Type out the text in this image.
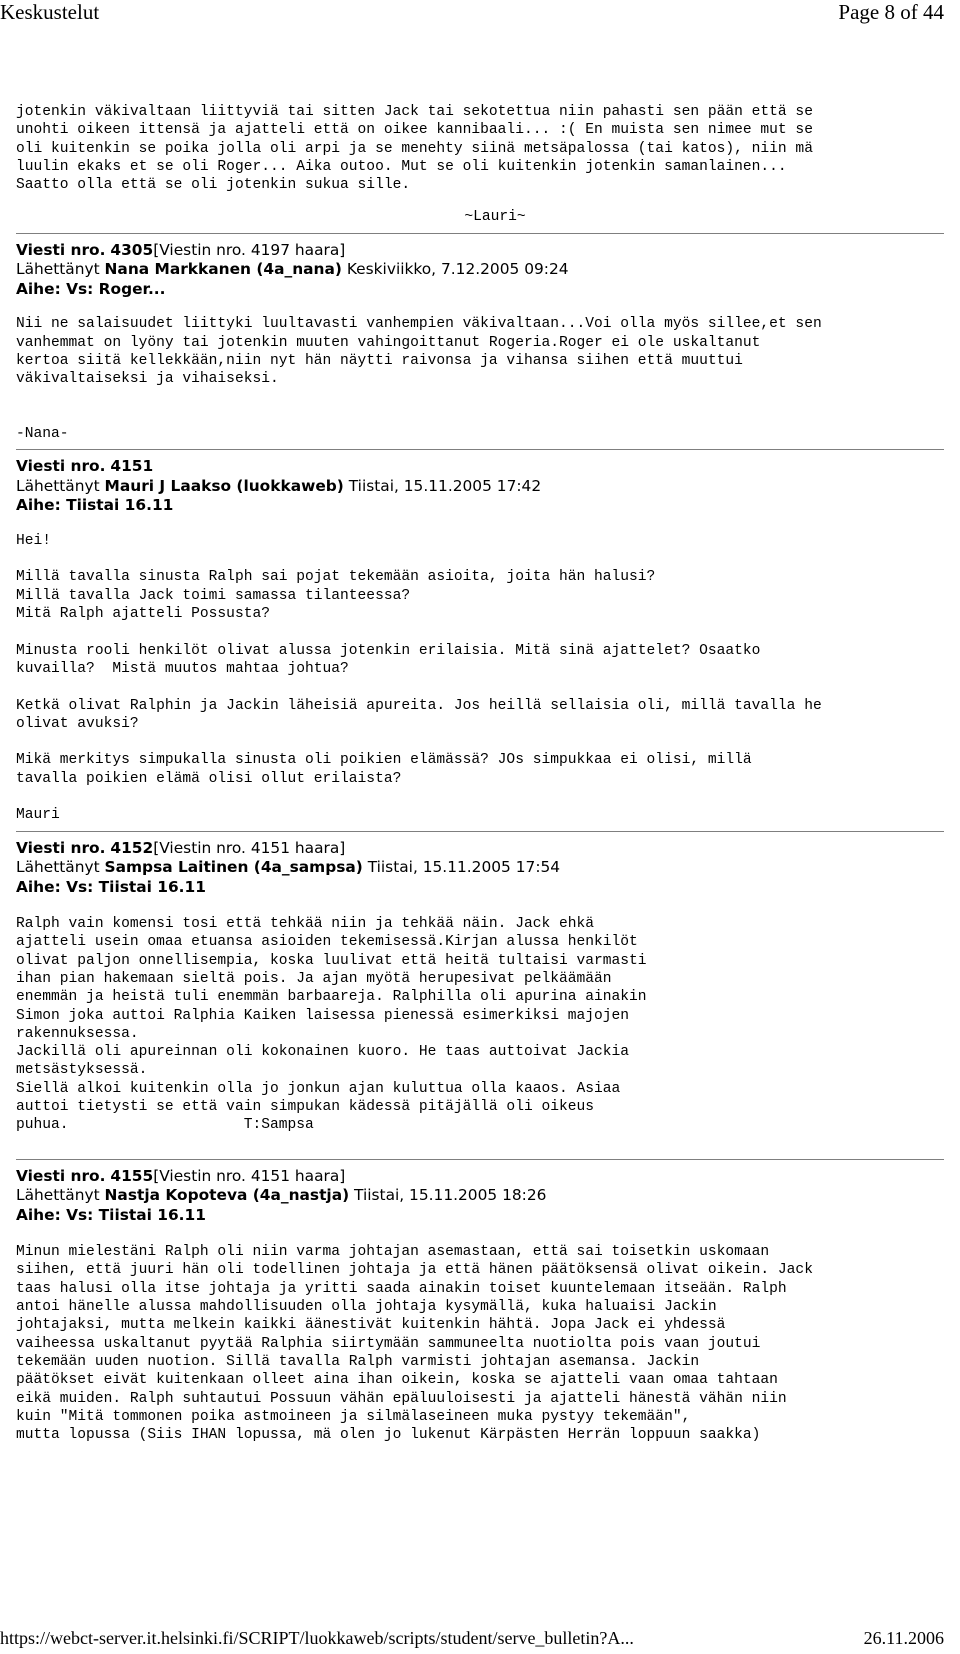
Keskustelut	Page 8 of 44

jotenkin väkivaltaan liittyviä tai sitten Jack tai sekotettua niin pahasti sen pään että se
unohti oikeen ittensä ja ajatteli että on oikee kannibaali... :( En muista sen nimee mut se
oli kuitenkin se poika jolla oli arpi ja se menehty siinä metsäpalossa (tai katos), niin mä
luulin ekaks et se oli Roger... Aika outoo. Mut se oli kuitenkin jotenkin samanlainen...
Saatto olla että se oli jotenkin sukua sille.

~Lauri~

Viesti nro. 4305[Viestin nro. 4197 haara]
Lähettänyt Nana Markkanen (4a_nana) Keskiviikko, 7.12.2005 09:24
Aihe: Vs: Roger...

Nii ne salaisuudet liittyki luultavasti vanhempien väkivaltaan...Voi olla myös sillee,et sen
vanhemmat on lyöny tai jotenkin muuten vahingoittanut Rogeria.Roger ei ole uskaltanut
kertoa siitä kellekkään,niin nyt hän näytti raivonsa ja vihansa siihen että muuttui
väkivaltaiseksi ja vihaiseksi.

-Nana-

Viesti nro. 4151
Lähettänyt Mauri J Laakso (luokkaweb) Tiistai, 15.11.2005 17:42
Aihe: Tiistai 16.11

Hei!

Millä tavalla sinusta Ralph sai pojat tekemään asioita, joita hän halusi?
Millä tavalla Jack toimi samassa tilanteessa?
Mitä Ralph ajatteli Possusta?

Minusta rooli henkilöt olivat alussa jotenkin erilaisia. Mitä sinä ajattelet? Osaatko
kuvailla?  Mistä muutos mahtaa johtua?

Ketkä olivat Ralphin ja Jackin läheisiä apureita. Jos heillä sellaisia oli, millä tavalla he
olivat avuksi?

Mikä merkitys simpukalla sinusta oli poikien elämässä? JOs simpukkaa ei olisi, millä
tavalla poikien elämä olisi ollut erilaista?

Mauri

Viesti nro. 4152[Viestin nro. 4151 haara]
Lähettänyt Sampsa Laitinen (4a_sampsa) Tiistai, 15.11.2005 17:54
Aihe: Vs: Tiistai 16.11

Ralph vain komensi tosi että tehkää niin ja tehkää näin. Jack ehkä
ajatteli usein omaa etuansa asioiden tekemisessä.Kirjan alussa henkilöt
olivat paljon onnellisempia, koska luulivat että heitä tultaisi varmasti
ihan pian hakemaan sieltä pois. Ja ajan myötä herupesivat pelkäämään
enemmän ja heistä tuli enemmän barbaareja. Ralphilla oli apurina ainakin
Simon joka auttoi Ralphia Kaiken laisessa pienessä esimerkiksi majojen
rakennuksessa.
Jackillä oli apureinnan oli kokonainen kuoro. He taas auttoivat Jackia
metsästyksessä.
Siellä alkoi kuitenkin olla jo jonkun ajan kuluttua olla kaaos. Asiaa
auttoi tietysti se että vain simpukan kädessä pitäjällä oli oikeus
puhua.                    T:Sampsa

Viesti nro. 4155[Viestin nro. 4151 haara]
Lähettänyt Nastja Kopoteva (4a_nastja) Tiistai, 15.11.2005 18:26
Aihe: Vs: Tiistai 16.11

Minun mielestäni Ralph oli niin varma johtajan asemastaan, että sai toisetkin uskomaan
siihen, että juuri hän oli todellinen johtaja ja että hänen päätöksensä olivat oikein. Jack
taas halusi olla itse johtaja ja yritti saada ainakin toiset kuuntelemaan itseään. Ralph
antoi hänelle alussa mahdollisuuden olla johtaja kysymällä, kuka haluaisi Jackin
johtajaksi, mutta melkein kaikki äänestivät kuitenkin hähtä. Jopa Jack ei yhdessä
vaiheessa uskaltanut pyytää Ralphia siirtymään sammuneelta nuotiolta pois vaan joutui
tekemään uuden nuotion. Sillä tavalla Ralph varmisti johtajan asemansa. Jackin
päätökset eivät kuitenkaan olleet aina ihan oikein, koska se ajatteli vaan omaa tahtaan
eikä muiden. Ralph suhtautui Possuun vähän epäluuloisesti ja ajatteli hänestä vähän niin
kuin "Mitä tommonen poika astmoineen ja silmälaseineen muka pystyy tekemään",
mutta lopussa (Siis IHAN lopussa, mä olen jo lukenut Kärpästen Herrän loppuun saakka)

https://webct-server.it.helsinki.fi/SCRIPT/luokkaweb/scripts/student/serve_bulletin?A...	26.11.2006
